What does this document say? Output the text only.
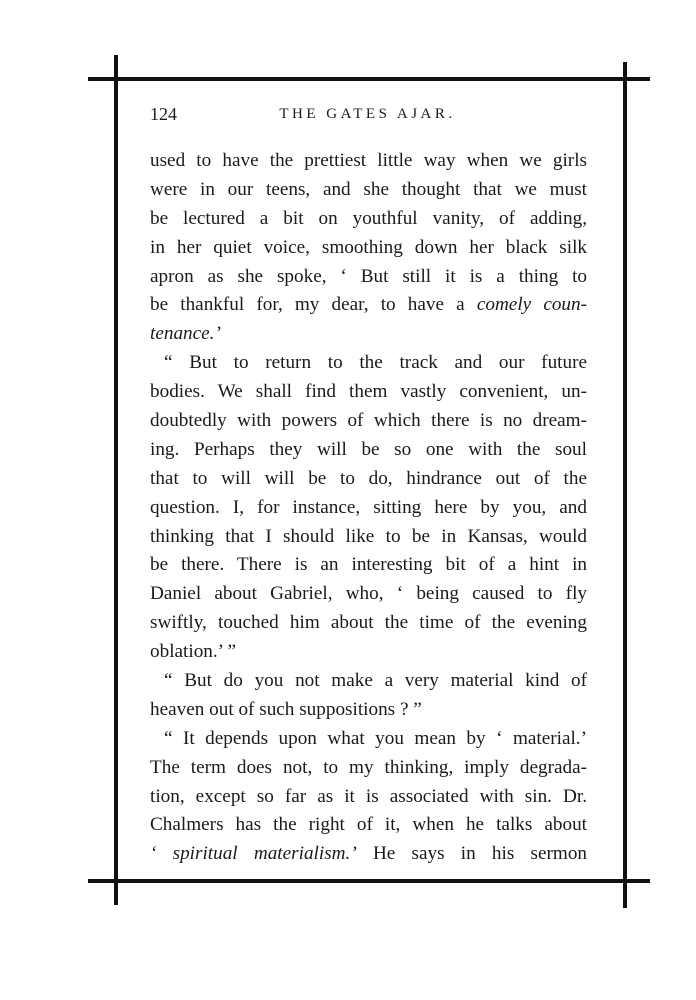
124	THE GATES AJAR.
used to have the prettiest little way when we girls
were in our teens, and she thought that we must
be lectured a bit on youthful vanity, of adding,
in her quiet voice, smoothing down her black silk
apron as she spoke, ‘ But still it is a thing to
be thankful for, my dear, to have a comely coun-
tenance.’
“ But to return to the track and our future
bodies. We shall find them vastly convenient, un-
doubtedly with powers of which there is no dream-
ing. Perhaps they will be so one with the soul
that to will will be to do, hindrance out of the
question. I, for instance, sitting here by you, and
thinking that I should like to be in Kansas, would
be there. There is an interesting bit of a hint in
Daniel about Gabriel, who, ‘ being caused to fly
swiftly, touched him about the time of the evening
oblation.’ ”
“ But do you not make a very material kind of
heaven out of such suppositions ? ”
“ It depends upon what you mean by ‘ material.’
The term does not, to my thinking, imply degrada-
tion, except so far as it is associated with sin. Dr.
Chalmers has the right of it, when he talks about
‘ spiritual materialism.’ He says in his sermon
